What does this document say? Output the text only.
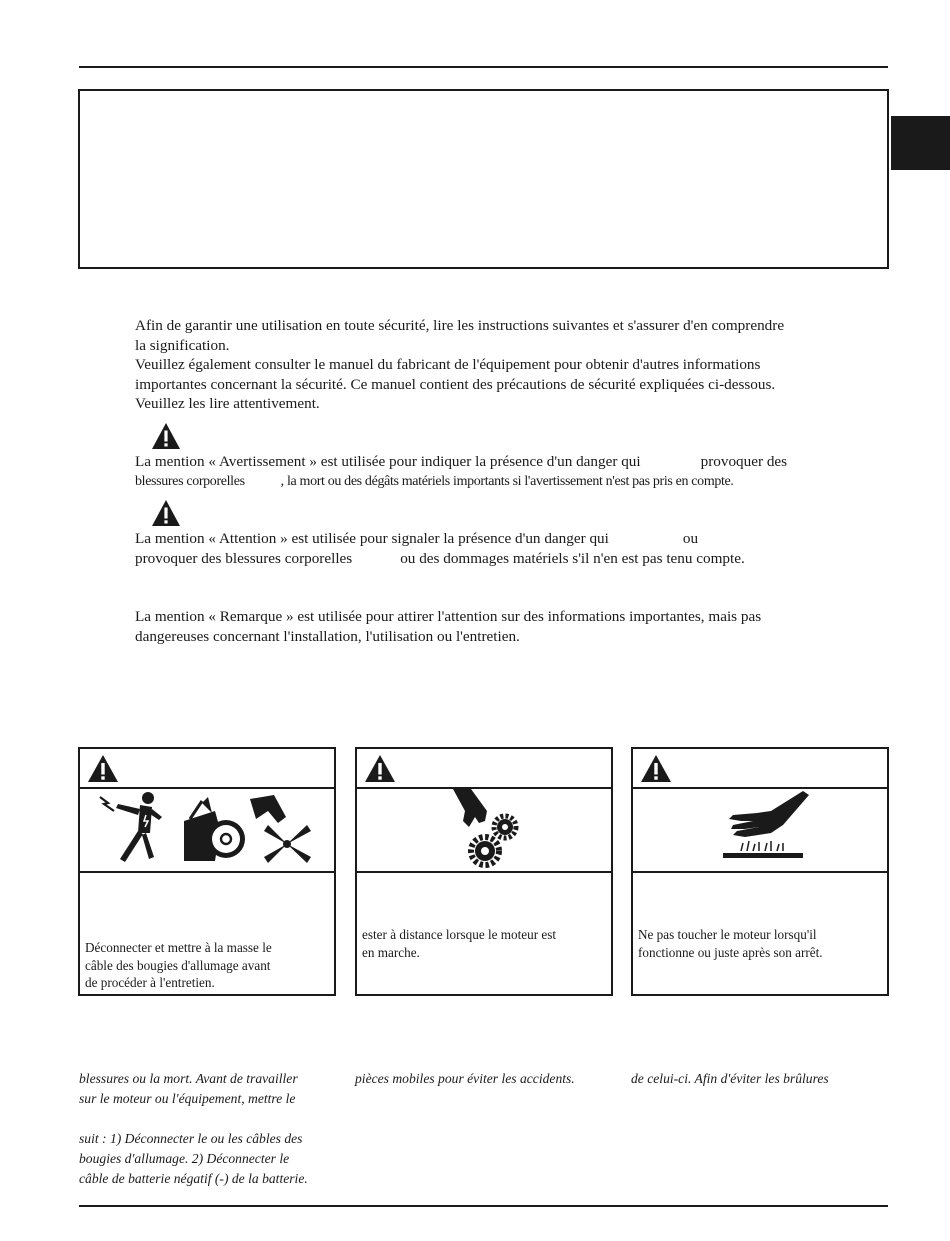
Afin de garantir une utilisation en toute sécurité, lire les instructions suivantes et s'assurer d'en comprendre

la signification.

Veuillez également consulter le manuel du fabricant de l'équipement pour obtenir d'autres informations

importantes concernant la sécurité. Ce manuel contient des précautions de sécurité expliquées ci-dessous.

Veuillez les lire attentivement.

La mention « Avertissement » est utilisée pour indiquer la présence d'un danger qui	provoquer des
blessures corporelles	, la mort ou des dégâts matériels importants si l'avertissement n'est pas pris en compte.
La mention « Attention » est utilisée pour signaler la présence d'un danger qui	ou
provoquer des blessures corporelles	ou des dommages matériels s'il n'en est pas tenu compte.
La mention « Remarque » est utilisée pour attirer l'attention sur des informations importantes, mais pas
dangereuses concernant l'installation, l'utilisation ou l'entretien.
Déconnecter et mettre à la masse le
câble des bougies d'allumage avant
de procéder à l'entretien.
ester à distance lorsque le moteur est
en marche.
Ne pas toucher le moteur lorsqu'il
fonctionne ou juste après son arrêt.
blessures ou la mort. Avant de travailler
sur le moteur ou l'équipement, mettre le
suit : 1) Déconnecter le ou les câbles des
bougies d'allumage. 2) Déconnecter le
câble de batterie négatif (-) de la batterie.
pièces mobiles pour éviter les accidents.	de celui-ci. Afin d'éviter les brûlures
